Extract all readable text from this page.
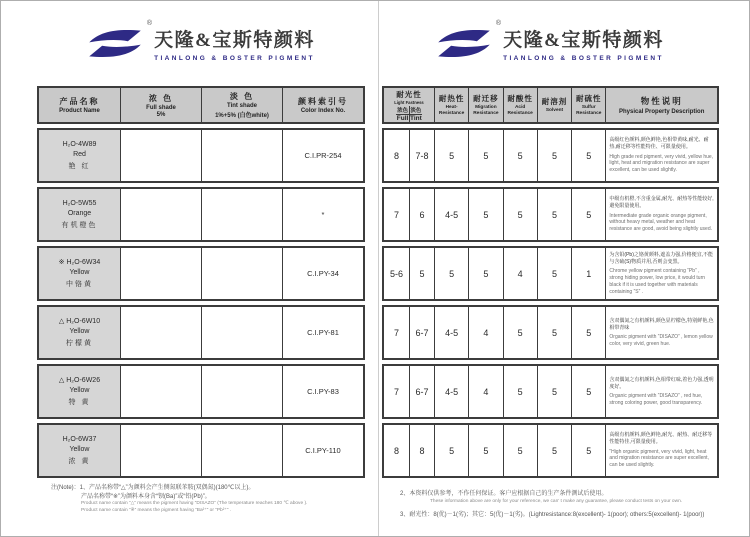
®
天隆&宝斯特颜料
TIANLONG & BOSTER PIGMENT
产品名称
Product Name
浓 色
Full shade
5%
淡 色
Tint shade
1%+5% (白色white)
颜料索引号
Color Index No.
H₂O-4W89
Red
艳 红
C.I.PR-254
H₂O-5W55
Orange
有机橙色
*
※ H₂O-6W34
Yellow
中铬黄
C.I.PY-34
△ H₂O-6W10
Yellow
柠檬黄
C.I.PY-81
△ H₂O-6W26
Yellow
特 黄
C.I.PY-83
H₂O-6W37
Yellow
浓 黄
C.I.PY-110
注(Note)：1、产品名称带“△”为颜料会产生侧氮联苯胺(双偶氮)(180℃以上)。
产品名称带“※”为颜料本身含“钡(Ba)”或“铅(Pb)”。
Product name contain “△” means the pigment having “DISAZO” (The temperature reaches 180 ℃ above ).
Product name contain “※” means the pigment having “Ba²⁺” or “Pb²⁺” .
®
天隆&宝斯特颜料
TIANLONG & BOSTER PIGMENT
耐光性
Light Fastness
浓色 淡色
Full Tint
耐热性
Heat-Resistance
耐迁移
Migration Resistance
耐酸性
Acid Resistance
耐溶剂
Solvent
耐硫性
Sulfur Resistance
物性说明
Physical Property Description
8	7-8	5	5	5	5	5
高级红色颜料,颜色鲜艳,色相带黄味,耐光、耐热,耐迁移等性能特佳、可限量使用。
High grade red pigment, very vivid, yellow hue, light, heat and migration resistance are super excellent, can be used slightly.
7	6	4-5	5	5	5	5
中级有机橙,不含重金属,耐光、耐热等性能较好,避免限量使用。
Intermediate grade organic orange pigment, without heavy metal, weather and heat resistance are good, avoid being slightly used.
5-6	5	5	5	4	5	1
为含铅(Pb)之铬黄颜料,遮盖力强,价格便宜,不能与含硫(S)物质并用,否则会变黑。
Chrome yellow pigment containing “Pb” , strong hiding power, low price, it would turn black if it is used together with materials containing “S” .
7	6-7	4-5	4	5	5	5
含双偶氮之有机颜料,颜色显柠檬色,特别鲜艳,色相带青味
Organic pigment with “DISAZO” , lemon yellow color, very vivid, green hue.
7	6-7	4-5	4	5	5	5
含双偶氮之有机颜料,色相带红味,着色力强,透明度好。
Organic pigment with “DISAZO” , red hue, strong coloring power, good transparency.
8	8	5	5	5	5	5
高级有机颜料,颜色鲜艳,耐光、耐热、耐迁移等性能特佳,可限量使用。
“High organic pigment, very vivid, light, heat and migration resistance are super excellent, can be used slightly.
2、本资料仅供参考，不作任何保证。客户应根据自己的生产条件测试后使用。
These information above are only for your reference, we can’ t make any guarantee, please conduct tests on your own.
3、耐光性：8(优)－1(劣)；其它：5(优)－1(劣)。(Lightresistance:8(excellent)- 1(poor); others:5(excellent)- 1(poor))
